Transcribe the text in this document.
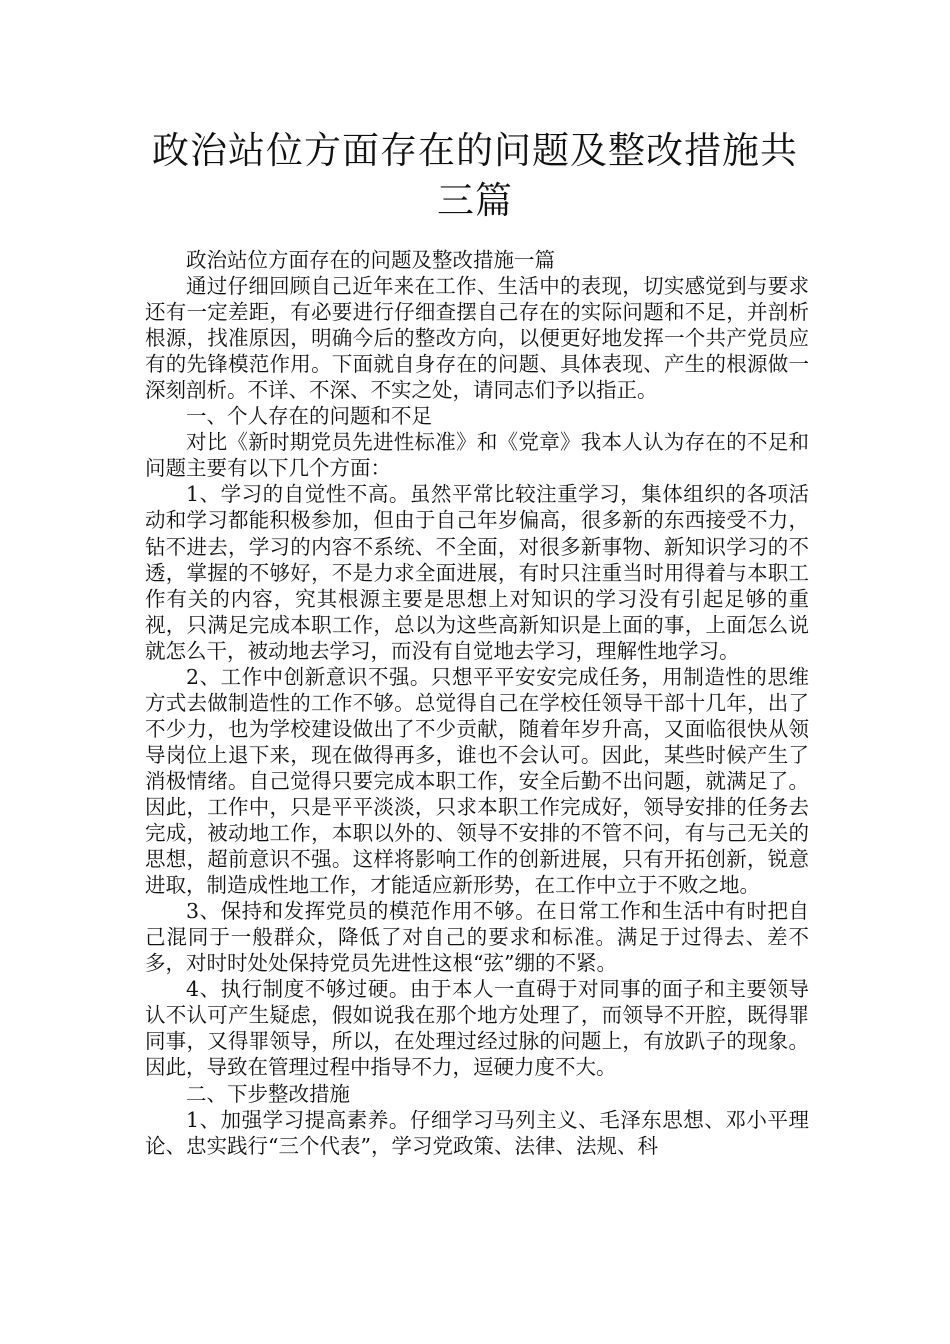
政治站位方面存在的问题及整改措施共三篇

政治站位方面存在的问题及整改措施一篇

通过仔细回顾自己近年来在工作、生活中的表现，切实感觉到与要求还有一定差距，有必要进行仔细查摆自己存在的实际问题和不足，并剖析根源，找准原因，明确今后的整改方向，以便更好地发挥一个共产党员应有的先锋模范作用。下面就自身存在的问题、具体表现、产生的根源做一深刻剖析。不详、不深、不实之处，请同志们予以指正。

一、个人存在的问题和不足

对比《新时期党员先进性标准》和《党章》我本人认为存在的不足和问题主要有以下几个方面：

1、学习的自觉性不高。虽然平常比较注重学习，集体组织的各项活动和学习都能积极参加，但由于自己年岁偏高，很多新的东西接受不力，钻不进去，学习的内容不系统、不全面，对很多新事物、新知识学习的不透，掌握的不够好，不是力求全面进展，有时只注重当时用得着与本职工作有关的内容，究其根源主要是思想上对知识的学习没有引起足够的重视，只满足完成本职工作，总以为这些高新知识是上面的事，上面怎么说就怎么干，被动地去学习，而没有自觉地去学习，理解性地学习。

2、工作中创新意识不强。只想平平安安完成任务，用制造性的思维方式去做制造性的工作不够。总觉得自己在学校任领导干部十几年，出了不少力，也为学校建设做出了不少贡献，随着年岁升高，又面临很快从领导岗位上退下来，现在做得再多，谁也不会认可。因此，某些时候产生了消极情绪。自己觉得只要完成本职工作，安全后勤不出问题，就满足了。因此，工作中，只是平平淡淡，只求本职工作完成好，领导安排的任务去完成，被动地工作，本职以外的、领导不安排的不管不问，有与己无关的思想，超前意识不强。这样将影响工作的创新进展，只有开拓创新，锐意进取，制造成性地工作，才能适应新形势，在工作中立于不败之地。

3、保持和发挥党员的模范作用不够。在日常工作和生活中有时把自己混同于一般群众，降低了对自己的要求和标准。满足于过得去、差不多，对时时处处保持党员先进性这根“弦”绷的不紧。

4、执行制度不够过硬。由于本人一直碍于对同事的面子和主要领导认不认可产生疑虑，假如说我在那个地方处理了，而领导不开腔，既得罪同事，又得罪领导，所以，在处理过经过脉的问题上，有放趴子的现象。因此，导致在管理过程中指导不力，逗硬力度不大。

二、下步整改措施

1、加强学习提高素养。仔细学习马列主义、毛泽东思想、邓小平理论、忠实践行“三个代表”，学习党政策、法律、法规、科
